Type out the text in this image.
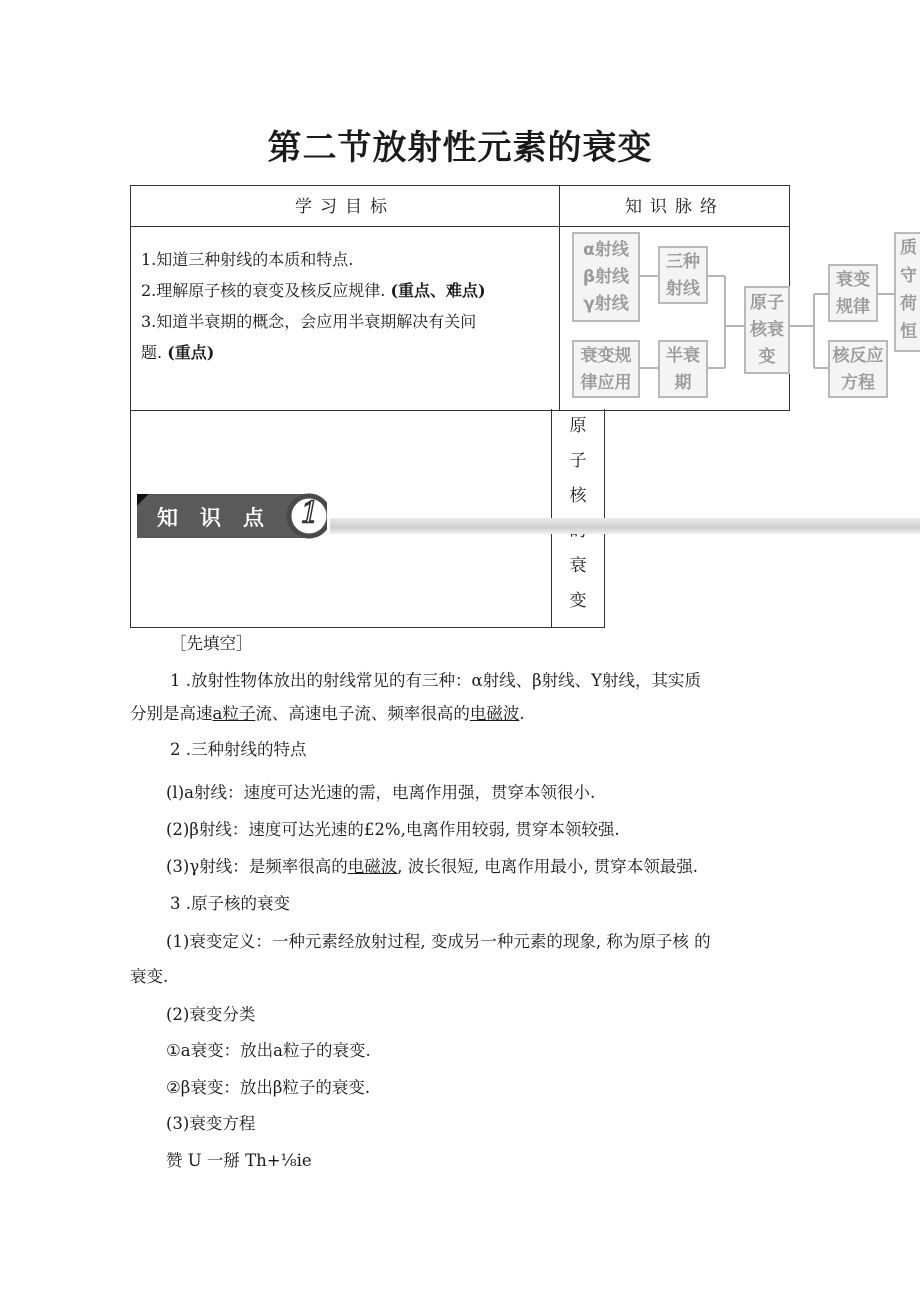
第二节放射性元素的衰变
学习目标	知识脉络
1.知道三种射线的本质和特点.
2.理解原子核的衰变及核反应规律. (重点、难点)
3.知道半衰期的概念，会应用半衰期解决有关问
题. (重点)
α射线
β射线
γ射线
三种射线
衰变规律应用
半衰期
原子核衰变
衰变规律
核反应方程
质
守
荷
恒
原
子
核
衰
变
知识点 1
［先填空］
1 .放射性物体放出的射线常见的有三种：α射线、β射线、Y射线，其实质
分别是高速a粒子流、高速电子流、频率很高的电磁波.
2 .三种射线的特点
(l)a射线：速度可达光速的需，电离作用强，贯穿本领很小.
(2)β射线：速度可达光速的£2%,电离作用较弱, 贯穿本领较强.
(3)γ射线：是频率很高的电磁波, 波长很短, 电离作用最小, 贯穿本领最强.
3 .原子核的衰变
(1)衰变定义：一种元素经放射过程, 变成另一种元素的现象, 称为原子核 的
衰变.
(2)衰变分类
①a衰变：放出a粒子的衰变.
②β衰变：放出β粒子的衰变.
(3)衰变方程
赞 U 一掰 Th+⅛ie
